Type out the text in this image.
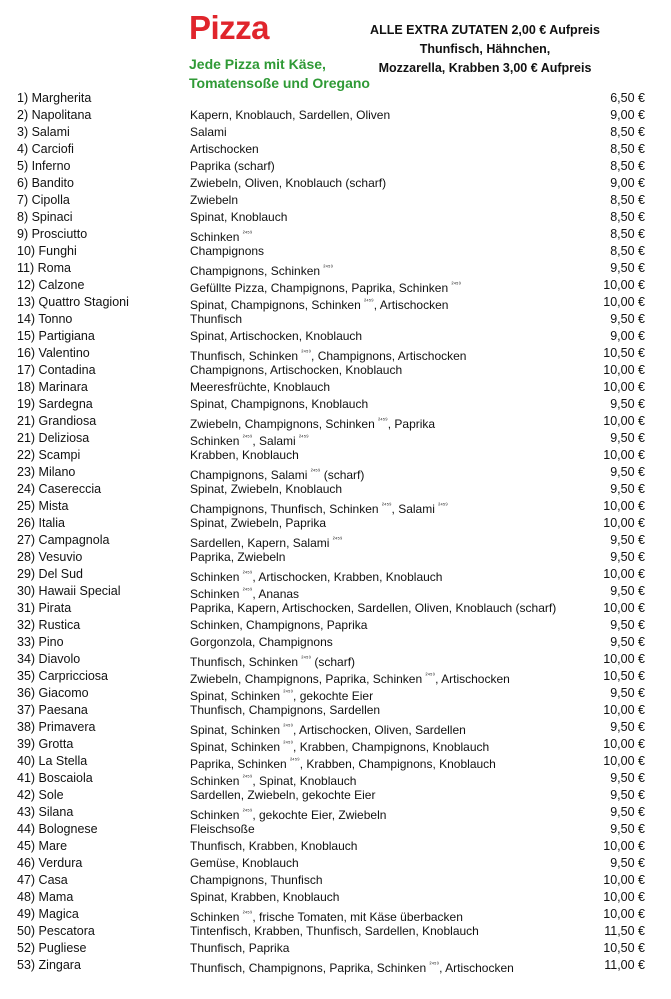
Pizza
Jede Pizza mit Käse,
Tomatensoße und Oregano
ALLE EXTRA ZUTATEN 2,00 € Aufpreis
Thunfisch, Hähnchen,
Mozzarella, Krabben 3,00 € Aufpreis
1) Margherita	6,50 €
2) Napolitana	Kapern, Knoblauch, Sardellen, Oliven	9,00 €
3) Salami	Salami	8,50 €
4) Carciofi	Artischocken	8,50 €
5) Inferno	Paprika (scharf)	8,50 €
6) Bandito	Zwiebeln, Oliven, Knoblauch (scharf)	9,00 €
7) Cipolla	Zwiebeln	8,50 €
8) Spinaci	Spinat, Knoblauch	8,50 €
9) Prosciutto	Schinken $^{^{2459}}$	8,50 €
10) Funghi	Champignons	8,50 €
11) Roma	Champignons, Schinken $^{^{2459}}$	9,50 €
12) Calzone	Gefüllte Pizza, Champignons, Paprika, Schinken $^{^{2459}}$	10,00 €
13) Quattro Stagioni	Spinat, Champignons, Schinken $^{^{2459}}$, Artischocken	10,00 €
14) Tonno	Thunfisch	9,50 €
15) Partigiana	Spinat, Artischocken, Knoblauch	9,00 €
16) Valentino	Thunfisch, Schinken $^{^{2459}}$, Champignons, Artischocken	10,50 €
17) Contadina	Champignons, Artischocken, Knoblauch	10,00 €
18) Marinara	Meeresfrüchte, Knoblauch	10,00 €
19) Sardegna	Spinat, Champignons, Knoblauch	9,50 €
21) Grandiosa	Zwiebeln, Champignons, Schinken $^{^{2459}}$, Paprika	10,00 €
21) Deliziosa	Schinken $^{^{2459}}$, Salami $^{^{2459}}$	9,50 €
22) Scampi	Krabben, Knoblauch	10,00 €
23) Milano	Champignons, Salami $^{^{2459}}$ (scharf)	9,50 €
24) Casereccia	Spinat, Zwiebeln, Knoblauch	9,50 €
25) Mista	Champignons, Thunfisch, Schinken $^{^{2459}}$, Salami $^{^{2459}}$	10,00 €
26) Italia	Spinat, Zwiebeln, Paprika	10,00 €
27) Campagnola	Sardellen, Kapern, Salami $^{^{2459}}$	9,50 €
28) Vesuvio	Paprika, Zwiebeln	9,50 €
29) Del Sud	Schinken $^{^{2459}}$, Artischocken, Krabben, Knoblauch	10,00 €
30) Hawaii Special	Schinken $^{^{2459}}$, Ananas	9,50 €
31) Pirata	Paprika, Kapern, Artischocken, Sardellen, Oliven, Knoblauch (scharf)	10,00 €
32) Rustica	Schinken, Champignons, Paprika	9,50 €
33) Pino	Gorgonzola, Champignons	9,50 €
34) Diavolo	Thunfisch, Schinken $^{^{2459}}$ (scharf)	10,00 €
35) Carpricciosa	Zwiebeln, Champignons, Paprika, Schinken $^{^{2459}}$, Artischocken	10,50 €
36) Giacomo	Spinat, Schinken $^{^{2459}}$, gekochte Eier	9,50 €
37) Paesana	Thunfisch, Champignons, Sardellen	10,00 €
38) Primavera	Spinat, Schinken $^{^{2459}}$, Artischocken, Oliven, Sardellen	9,50 €
39) Grotta	Spinat, Schinken $^{^{2459}}$, Krabben, Champignons, Knoblauch	10,00 €
40) La Stella	Paprika, Schinken $^{^{2459}}$, Krabben, Champignons, Knoblauch	10,00 €
41) Boscaiola	Schinken $^{^{2459}}$, Spinat, Knoblauch	9,50 €
42) Sole	Sardellen, Zwiebeln, gekochte Eier	9,50 €
43) Silana	Schinken $^{^{2459}}$, gekochte Eier, Zwiebeln	9,50 €
44) Bolognese	Fleischsoße	9,50 €
45) Mare	Thunfisch, Krabben, Knoblauch	10,00 €
46) Verdura	Gemüse, Knoblauch	9,50 €
47) Casa	Champignons, Thunfisch	10,00 €
48) Mama	Spinat, Krabben, Knoblauch	10,00 €
49) Magica	Schinken $^{^{2459}}$, frische Tomaten, mit Käse überbacken	10,00 €
50) Pescatora	Tintenfisch, Krabben, Thunfisch, Sardellen, Knoblauch	11,50 €
52) Pugliese	Thunfisch, Paprika	10,50 €
53) Zingara	Thunfisch, Champignons, Paprika, Schinken $^{^{2459}}$, Artischocken	11,00 €
